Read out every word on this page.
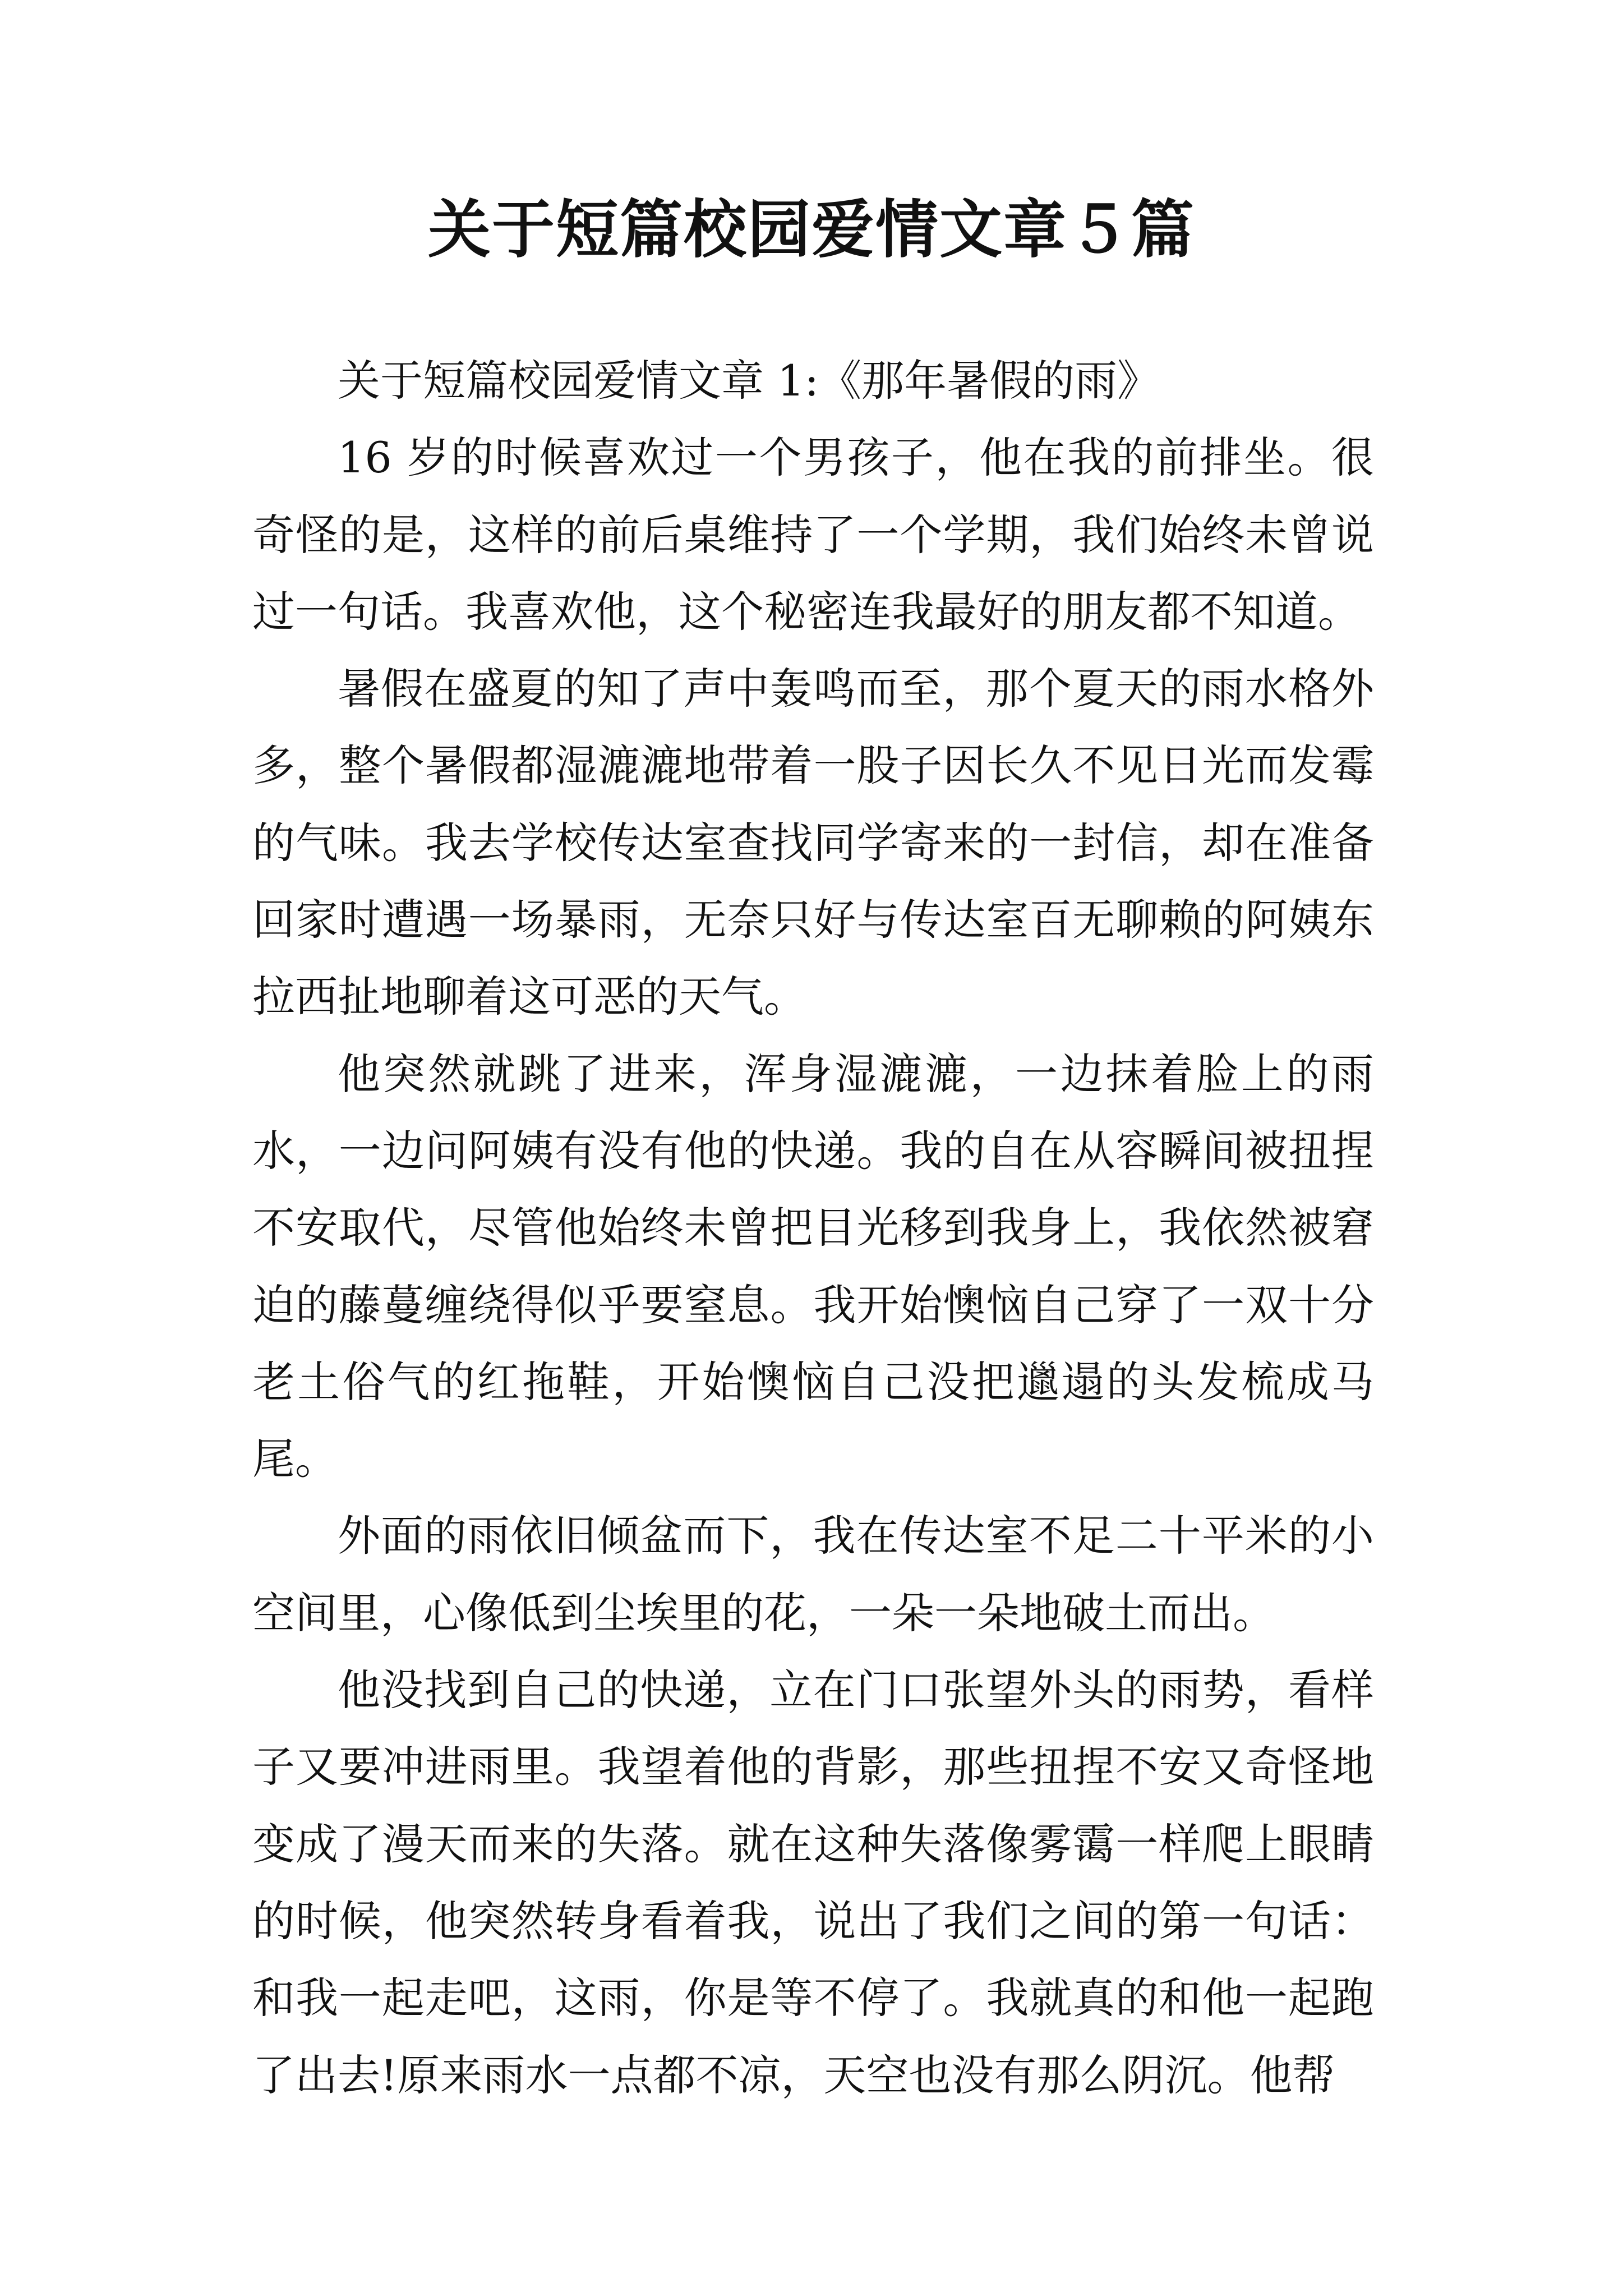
关于短篇校园爱情文章５篇

关于短篇校园爱情文章 1:《那年暑假的雨》

16 岁的时候喜欢过一个男孩子，他在我的前排坐。很奇怪的是，这样的前后桌维持了一个学期，我们始终未曾说过一句话。我喜欢他，这个秘密连我最好的朋友都不知道。

暑假在盛夏的知了声中轰鸣而至，那个夏天的雨水格外多，整个暑假都湿漉漉地带着一股子因长久不见日光而发霉的气味。我去学校传达室查找同学寄来的一封信，却在准备回家时遭遇一场暴雨，无奈只好与传达室百无聊赖的阿姨东拉西扯地聊着这可恶的天气。

他突然就跳了进来，浑身湿漉漉，一边抹着脸上的雨水，一边问阿姨有没有他的快递。我的自在从容瞬间被扭捏不安取代，尽管他始终未曾把目光移到我身上，我依然被窘迫的藤蔓缠绕得似乎要窒息。我开始懊恼自己穿了一双十分老土俗气的红拖鞋，开始懊恼自己没把邋遢的头发梳成马尾。

外面的雨依旧倾盆而下，我在传达室不足二十平米的小空间里，心像低到尘埃里的花，一朵一朵地破土而出。

他没找到自己的快递，立在门口张望外头的雨势，看样子又要冲进雨里。我望着他的背影，那些扭捏不安又奇怪地变成了漫天而来的失落。就在这种失落像雾霭一样爬上眼睛的时候，他突然转身看着我，说出了我们之间的第一句话：和我一起走吧，这雨，你是等不停了。我就真的和他一起跑了出去!原来雨水一点都不凉，天空也没有那么阴沉。他帮
